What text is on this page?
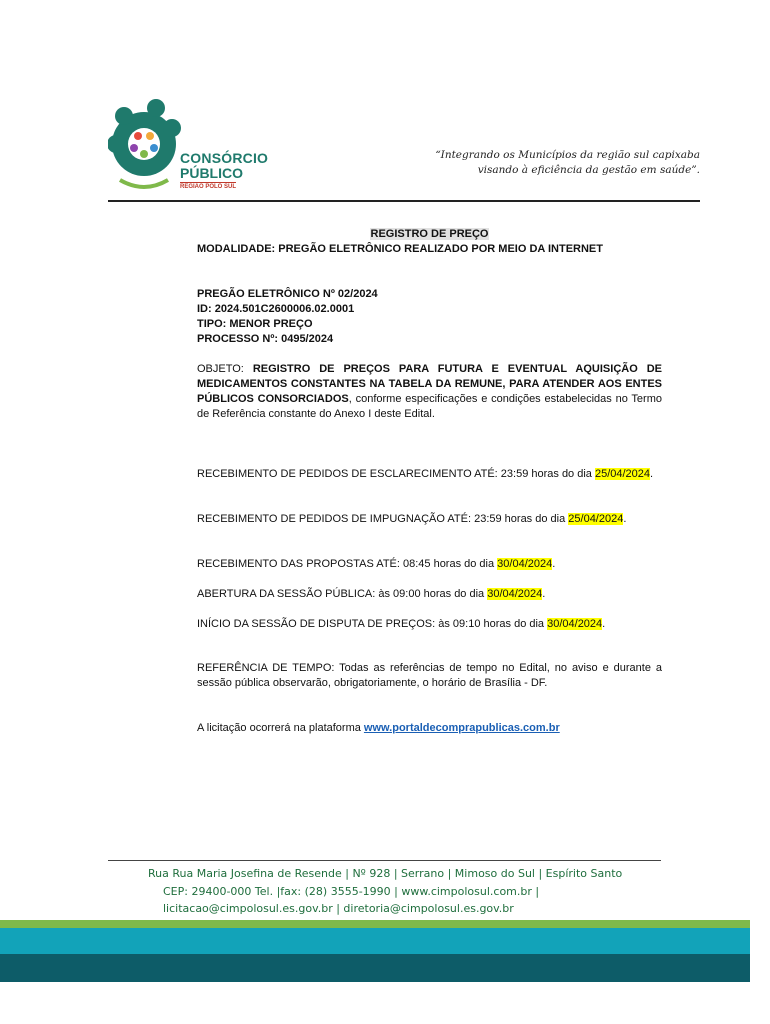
CONSÓRCIO
PÚBLICO
REGIÃO POLO SUL
“Integrando os Municípios da região sul capixaba
visando à eficiência da gestão em saúde”.
REGISTRO DE PREÇO
MODALIDADE: PREGÃO ELETRÔNICO REALIZADO POR MEIO DA INTERNET
PREGÃO ELETRÔNICO Nº 02/2024
ID: 2024.501C2600006.02.0001
TIPO: MENOR PREÇO
PROCESSO Nº: 0495/2024
OBJETO: REGISTRO DE PREÇOS PARA FUTURA E EVENTUAL AQUISIÇÃO DE MEDICAMENTOS CONSTANTES NA TABELA DA REMUNE, PARA ATENDER AOS ENTES PÚBLICOS CONSORCIADOS, conforme especificações e condições estabelecidas no Termo de Referência constante do Anexo I deste Edital.
RECEBIMENTO DE PEDIDOS DE ESCLARECIMENTO ATÉ: 23:59 horas do dia 25/04/2024.
RECEBIMENTO DE PEDIDOS DE IMPUGNAÇÃO ATÉ: 23:59 horas do dia 25/04/2024.
RECEBIMENTO DAS PROPOSTAS ATÉ: 08:45 horas do dia 30/04/2024.
ABERTURA DA SESSÃO PÚBLICA: às 09:00 horas do dia 30/04/2024.
INÍCIO DA SESSÃO DE DISPUTA DE PREÇOS: às 09:10 horas do dia 30/04/2024.
REFERÊNCIA DE TEMPO: Todas as referências de tempo no Edital, no aviso e durante a sessão pública observarão, obrigatoriamente, o horário de Brasília - DF.
A licitação ocorrerá na plataforma www.portaldecomprapublicas.com.br
Rua Rua Maria Josefina de Resende | Nº 928 | Serrano | Mimoso do Sul | Espírito Santo
CEP: 29400-000 Tel. |fax: (28) 3555-1990 | www.cimpolosul.com.br |
licitacao@cimpolosul.es.gov.br | diretoria@cimpolosul.es.gov.br
